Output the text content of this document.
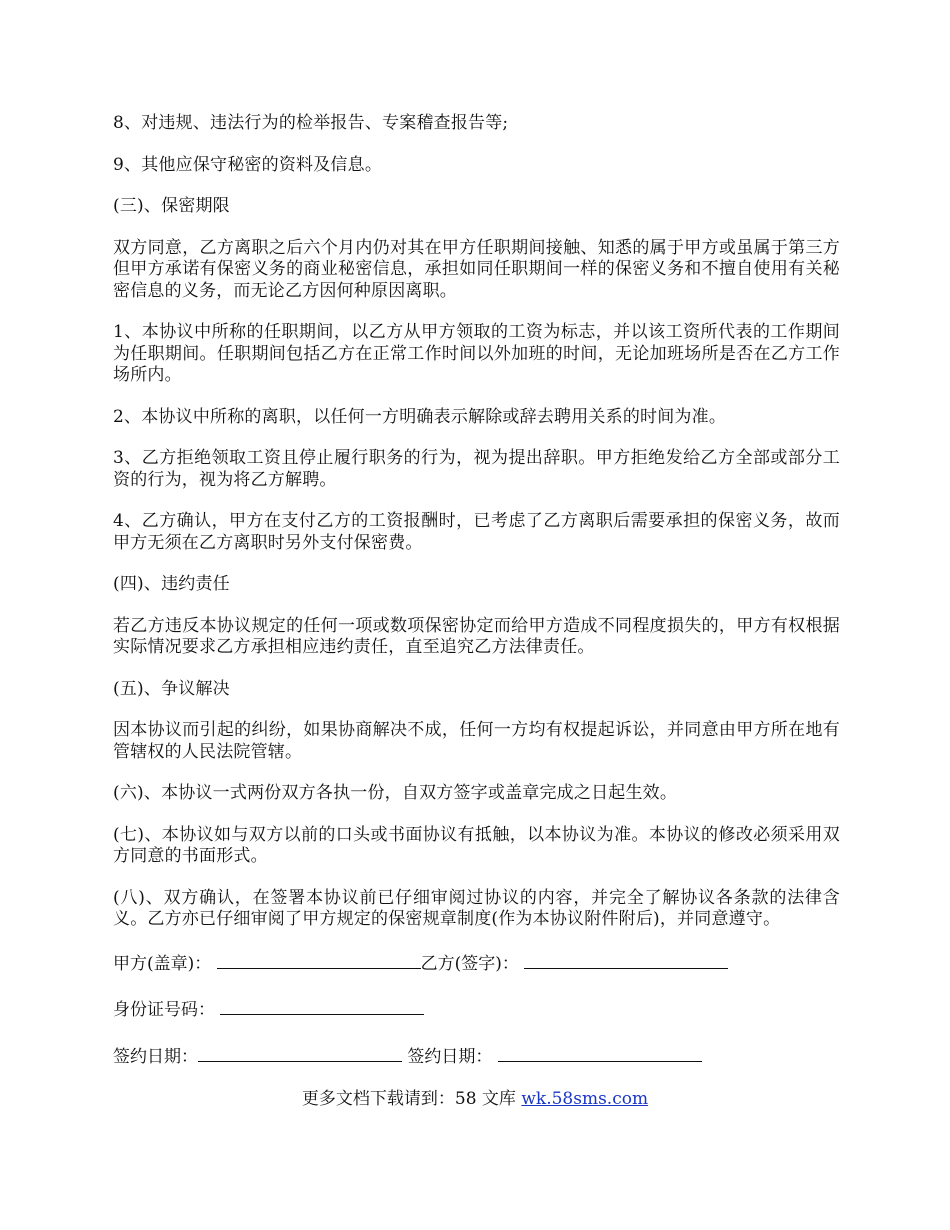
8、对违规、违法行为的检举报告、专案稽查报告等;

9、其他应保守秘密的资料及信息。

(三)、保密期限

双方同意，乙方离职之后六个月内仍对其在甲方任职期间接触、知悉的属于甲方或虽属于第三方但甲方承诺有保密义务的商业秘密信息，承担如同任职期间一样的保密义务和不擅自使用有关秘密信息的义务，而无论乙方因何种原因离职。

1、本协议中所称的任职期间，以乙方从甲方领取的工资为标志，并以该工资所代表的工作期间为任职期间。任职期间包括乙方在正常工作时间以外加班的时间，无论加班场所是否在乙方工作场所内。

2、本协议中所称的离职，以任何一方明确表示解除或辞去聘用关系的时间为准。

3、乙方拒绝领取工资且停止履行职务的行为，视为提出辞职。甲方拒绝发给乙方全部或部分工资的行为，视为将乙方解聘。

4、乙方确认，甲方在支付乙方的工资报酬时，已考虑了乙方离职后需要承担的保密义务，故而甲方无须在乙方离职时另外支付保密费。

(四)、违约责任

若乙方违反本协议规定的任何一项或数项保密协定而给甲方造成不同程度损失的，甲方有权根据实际情况要求乙方承担相应违约责任，直至追究乙方法律责任。

(五)、争议解决

因本协议而引起的纠纷，如果协商解决不成，任何一方均有权提起诉讼，并同意由甲方所在地有管辖权的人民法院管辖。

(六)、本协议一式两份双方各执一份，自双方签字或盖章完成之日起生效。

(七)、本协议如与双方以前的口头或书面协议有抵触，以本协议为准。本协议的修改必须采用双方同意的书面形式。

(八)、双方确认，在签署本协议前已仔细审阅过协议的内容，并完全了解协议各条款的法律含义。乙方亦已仔细审阅了甲方规定的保密规章制度(作为本协议附件附后)，并同意遵守。

甲方(盖章)：	乙方(签字)：
身份证号码：
签约日期：	签约日期：
更多文档下载请到：58 文库 wk.58sms.com
